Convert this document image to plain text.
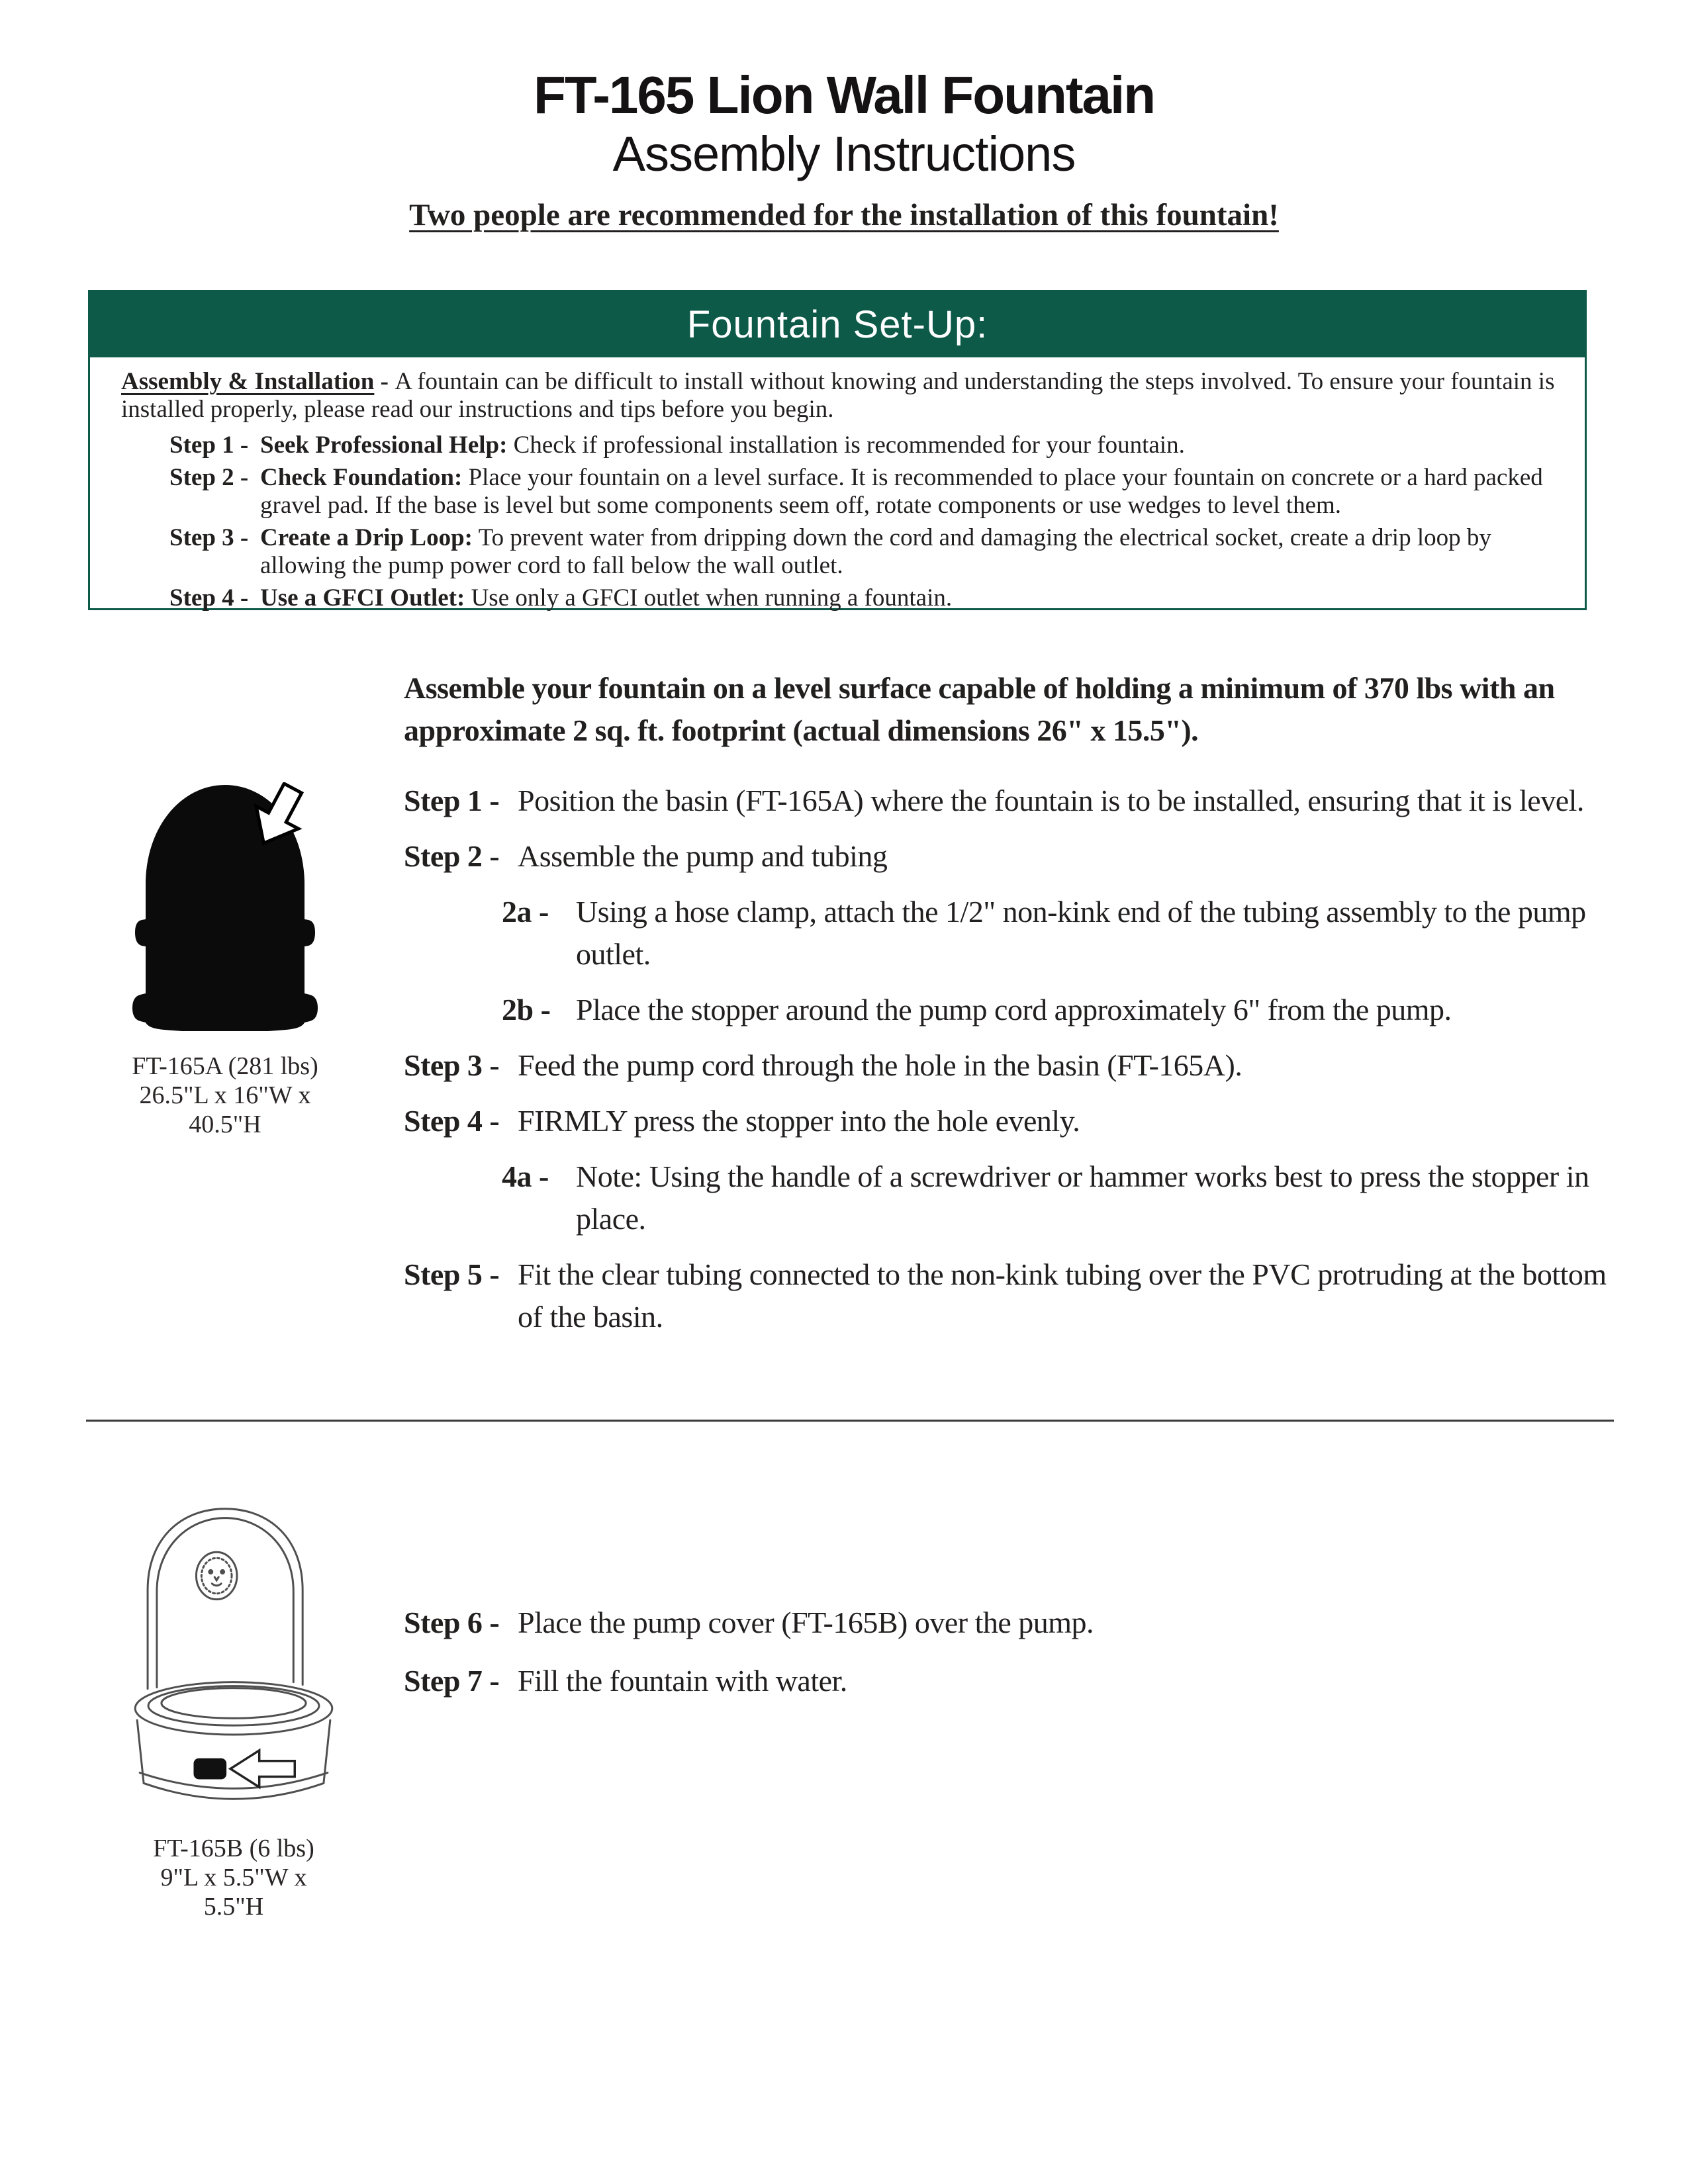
FT-165 Lion Wall Fountain
Assembly Instructions
Two people are recommended for the installation of this fountain!
Fountain Set-Up:

Assembly & Installation - A fountain can be difficult to install without knowing and understanding the steps involved. To ensure your fountain is installed properly, please read our instructions and tips before you begin.

Step 1 - Seek Professional Help: Check if professional installation is recommended for your fountain.
Step 2 - Check Foundation: Place your fountain on a level surface. It is recommended to place your fountain on concrete or a hard packed gravel pad. If the base is level but some components seem off, rotate components or use wedges to level them.
Step 3 - Create a Drip Loop: To prevent water from dripping down the cord and damaging the electrical socket, create a drip loop by allowing the pump power cord to fall below the wall outlet.
Step 4 - Use a GFCI Outlet: Use only a GFCI outlet when running a fountain.
FT-165A (281 lbs)
26.5"L x 16"W x 40.5"H

Assemble your fountain on a level surface capable of holding a minimum of 370 lbs with an approximate 2 sq. ft. footprint (actual dimensions 26" x 15.5").

Step 1 - Position the basin (FT-165A) where the fountain is to be installed, ensuring that it is level.
Step 2 - Assemble the pump and tubing
2a - Using a hose clamp, attach the 1/2" non-kink end of the tubing assembly to the pump outlet.
2b - Place the stopper around the pump cord approximately 6" from the pump.
Step 3 - Feed the pump cord through the hole in the basin (FT-165A).
Step 4 - FIRMLY press the stopper into the hole evenly.
4a - Note: Using the handle of a screwdriver or hammer works best to press the stopper in place.
Step 5 - Fit the clear tubing connected to the non-kink tubing over the PVC protruding at the bottom of the basin.
FT-165B (6 lbs)
9"L x 5.5"W x 5.5"H
Step 6 - Place the pump cover (FT-165B) over the pump.
Step 7 - Fill the fountain with water.
